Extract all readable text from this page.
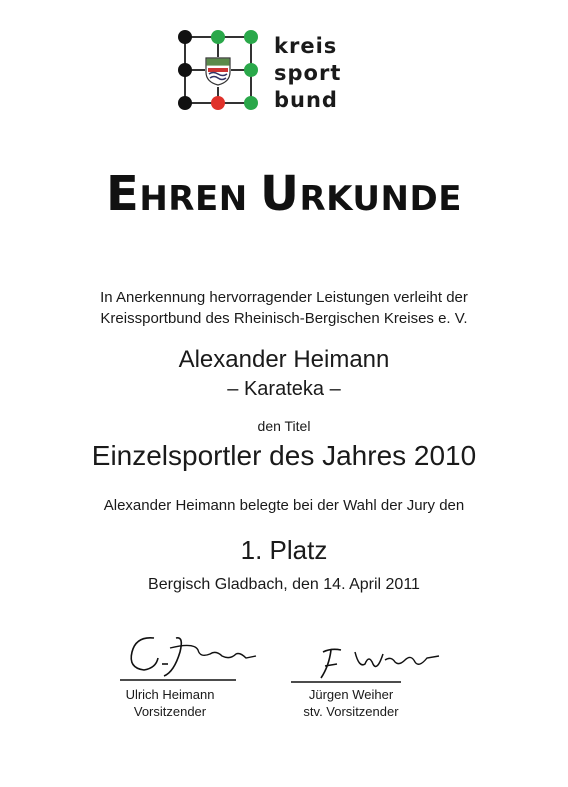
kreis
sport
bund
EHREN URKUNDE
In Anerkennung hervorragender Leistungen verleiht der
Kreissportbund des Rheinisch-Bergischen Kreises e. V.
Alexander Heimann
– Karateka –
den Titel
Einzelsportler des Jahres 2010
Alexander Heimann belegte bei der Wahl der Jury den
1. Platz
Bergisch Gladbach, den 14. April 2011
Ulrich Heimann
Vorsitzender
Jürgen Weiher
stv. Vorsitzender
